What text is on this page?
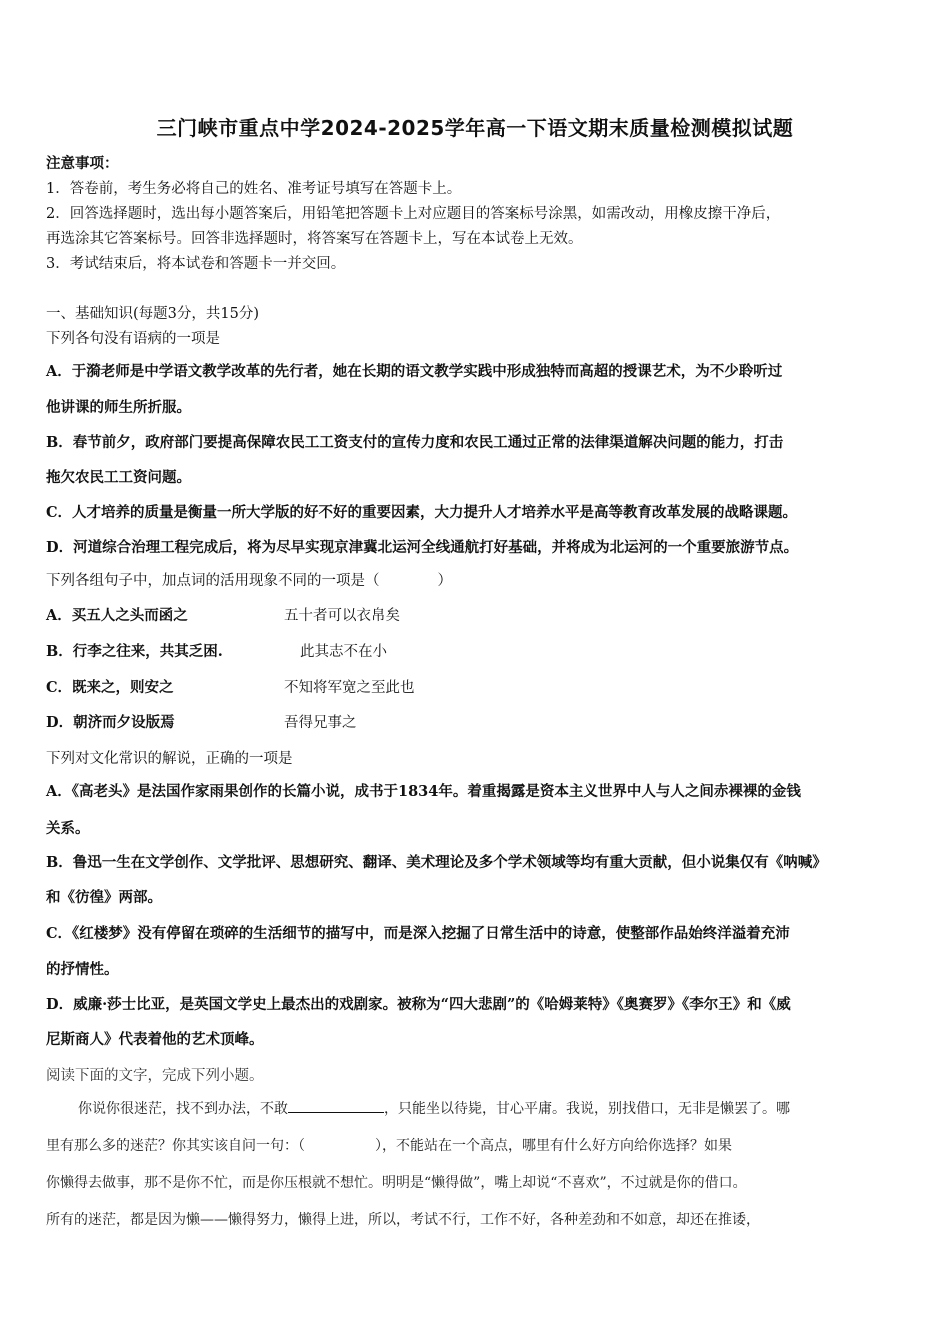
三门峡市重点中学2024-2025学年高一下语文期末质量检测模拟试题
注意事项：
1．答卷前，考生务必将自己的姓名、准考证号填写在答题卡上。
2．回答选择题时，选出每小题答案后，用铅笔把答题卡上对应题目的答案标号涂黑，如需改动，用橡皮擦干净后，
再选涂其它答案标号。回答非选择题时，将答案写在答题卡上，写在本试卷上无效。
3．考试结束后，将本试卷和答题卡一并交回。
一、基础知识(每题3分，共15分)
下列各句没有语病的一项是
A．于漪老师是中学语文教学改革的先行者，她在长期的语文教学实践中形成独特而高超的授课艺术，为不少聆听过
他讲课的师生所折服。
B．春节前夕，政府部门要提高保障农民工工资支付的宣传力度和农民工通过正常的法律渠道解决问题的能力，打击
拖欠农民工工资问题。
C．人才培养的质量是衡量一所大学版的好不好的重要因素，大力提升人才培养水平是高等教育改革发展的战略课题。
D．河道综合治理工程完成后，将为尽早实现京津冀北运河全线通航打好基础，并将成为北运河的一个重要旅游节点。
下列各组句子中，加点词的活用现象不同的一项是（　　　　）
A．买五人之头而函之	五十者可以衣帛矣
B．行李之往来，共其乏困.	此其志不在小
C．既来之，则安之	不知将军宽之至此也
D．朝济而夕设版焉	吾得兄事之
下列对文化常识的解说，正确的一项是
A．《高老头》是法国作家雨果创作的长篇小说，成书于1834年。着重揭露是资本主义世界中人与人之间赤裸裸的金钱
关系。
B．鲁迅一生在文学创作、文学批评、思想研究、翻译、美术理论及多个学术领域等均有重大贡献，但小说集仅有《呐喊》
和《彷徨》两部。
C．《红楼梦》没有停留在琐碎的生活细节的描写中，而是深入挖掘了日常生活中的诗意，使整部作品始终洋溢着充沛
的抒情性。
D．威廉·莎士比亚，是英国文学史上最杰出的戏剧家。被称为“四大悲剧”的《哈姆莱特》《奥赛罗》《李尔王》和《威
尼斯商人》代表着他的艺术顶峰。
阅读下面的文字，完成下列小题。
你说你很迷茫，找不到办法，不敢	，只能坐以待毙，甘心平庸。我说，别找借口，无非是懒罢了。哪
里有那么多的迷茫？你其实该自问一句：（　　　　　），不能站在一个高点，哪里有什么好方向给你选择？如果
你懒得去做事，那不是你不忙，而是你压根就不想忙。明明是“懒得做”，嘴上却说“不喜欢”，不过就是你的借口。
所有的迷茫，都是因为懒——懒得努力，懒得上进，所以，考试不行，工作不好，各种差劲和不如意，却还在推诿，
